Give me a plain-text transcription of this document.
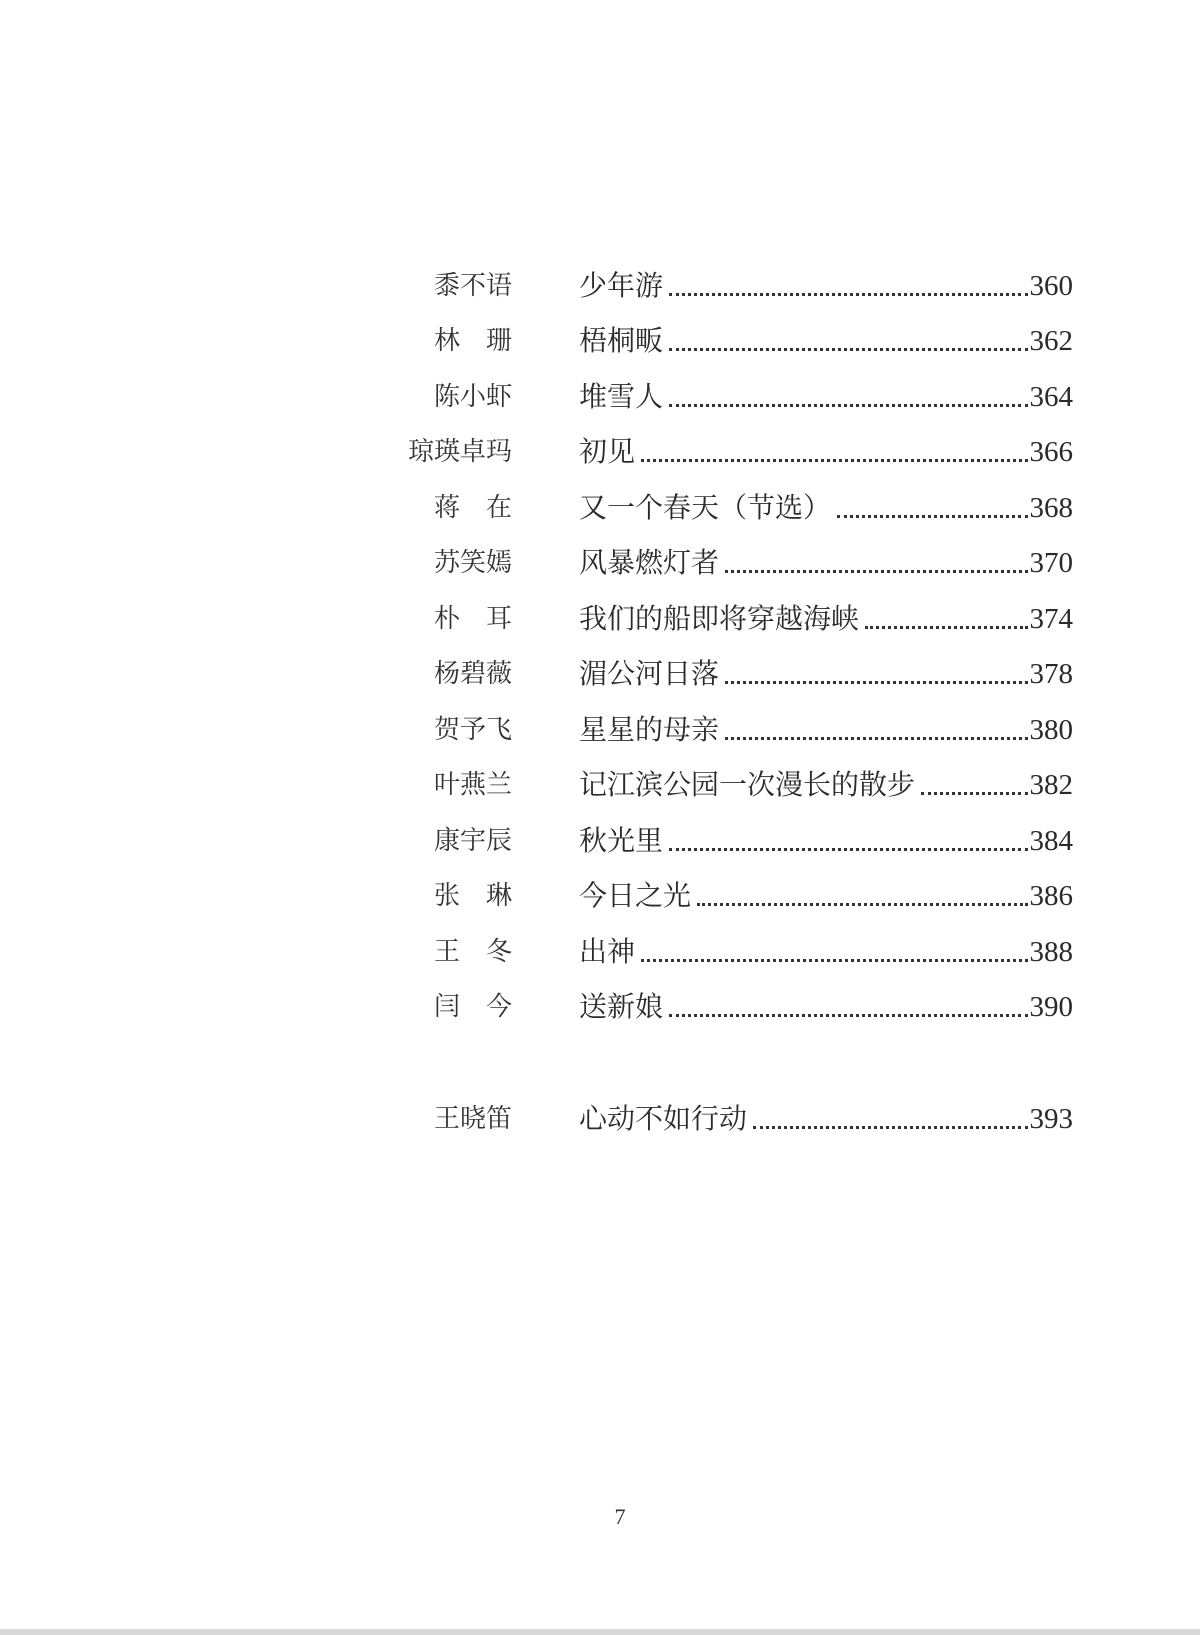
黍不语 少年游	360
林　珊 梧桐畈	362
陈小虾 堆雪人	364
琼瑛卓玛 初见	366
蒋　在 又一个春天（节选）	368
苏笑嫣 风暴燃灯者	370
朴　耳 我们的船即将穿越海峡	374
杨碧薇 湄公河日落	378
贺予飞 星星的母亲	380
叶燕兰 记江滨公园一次漫长的散步	382
康宇辰 秋光里	384
张　琳 今日之光	386
王　冬 出神	388
闫　今 送新娘	390
王晓笛 心动不如行动	393
7
